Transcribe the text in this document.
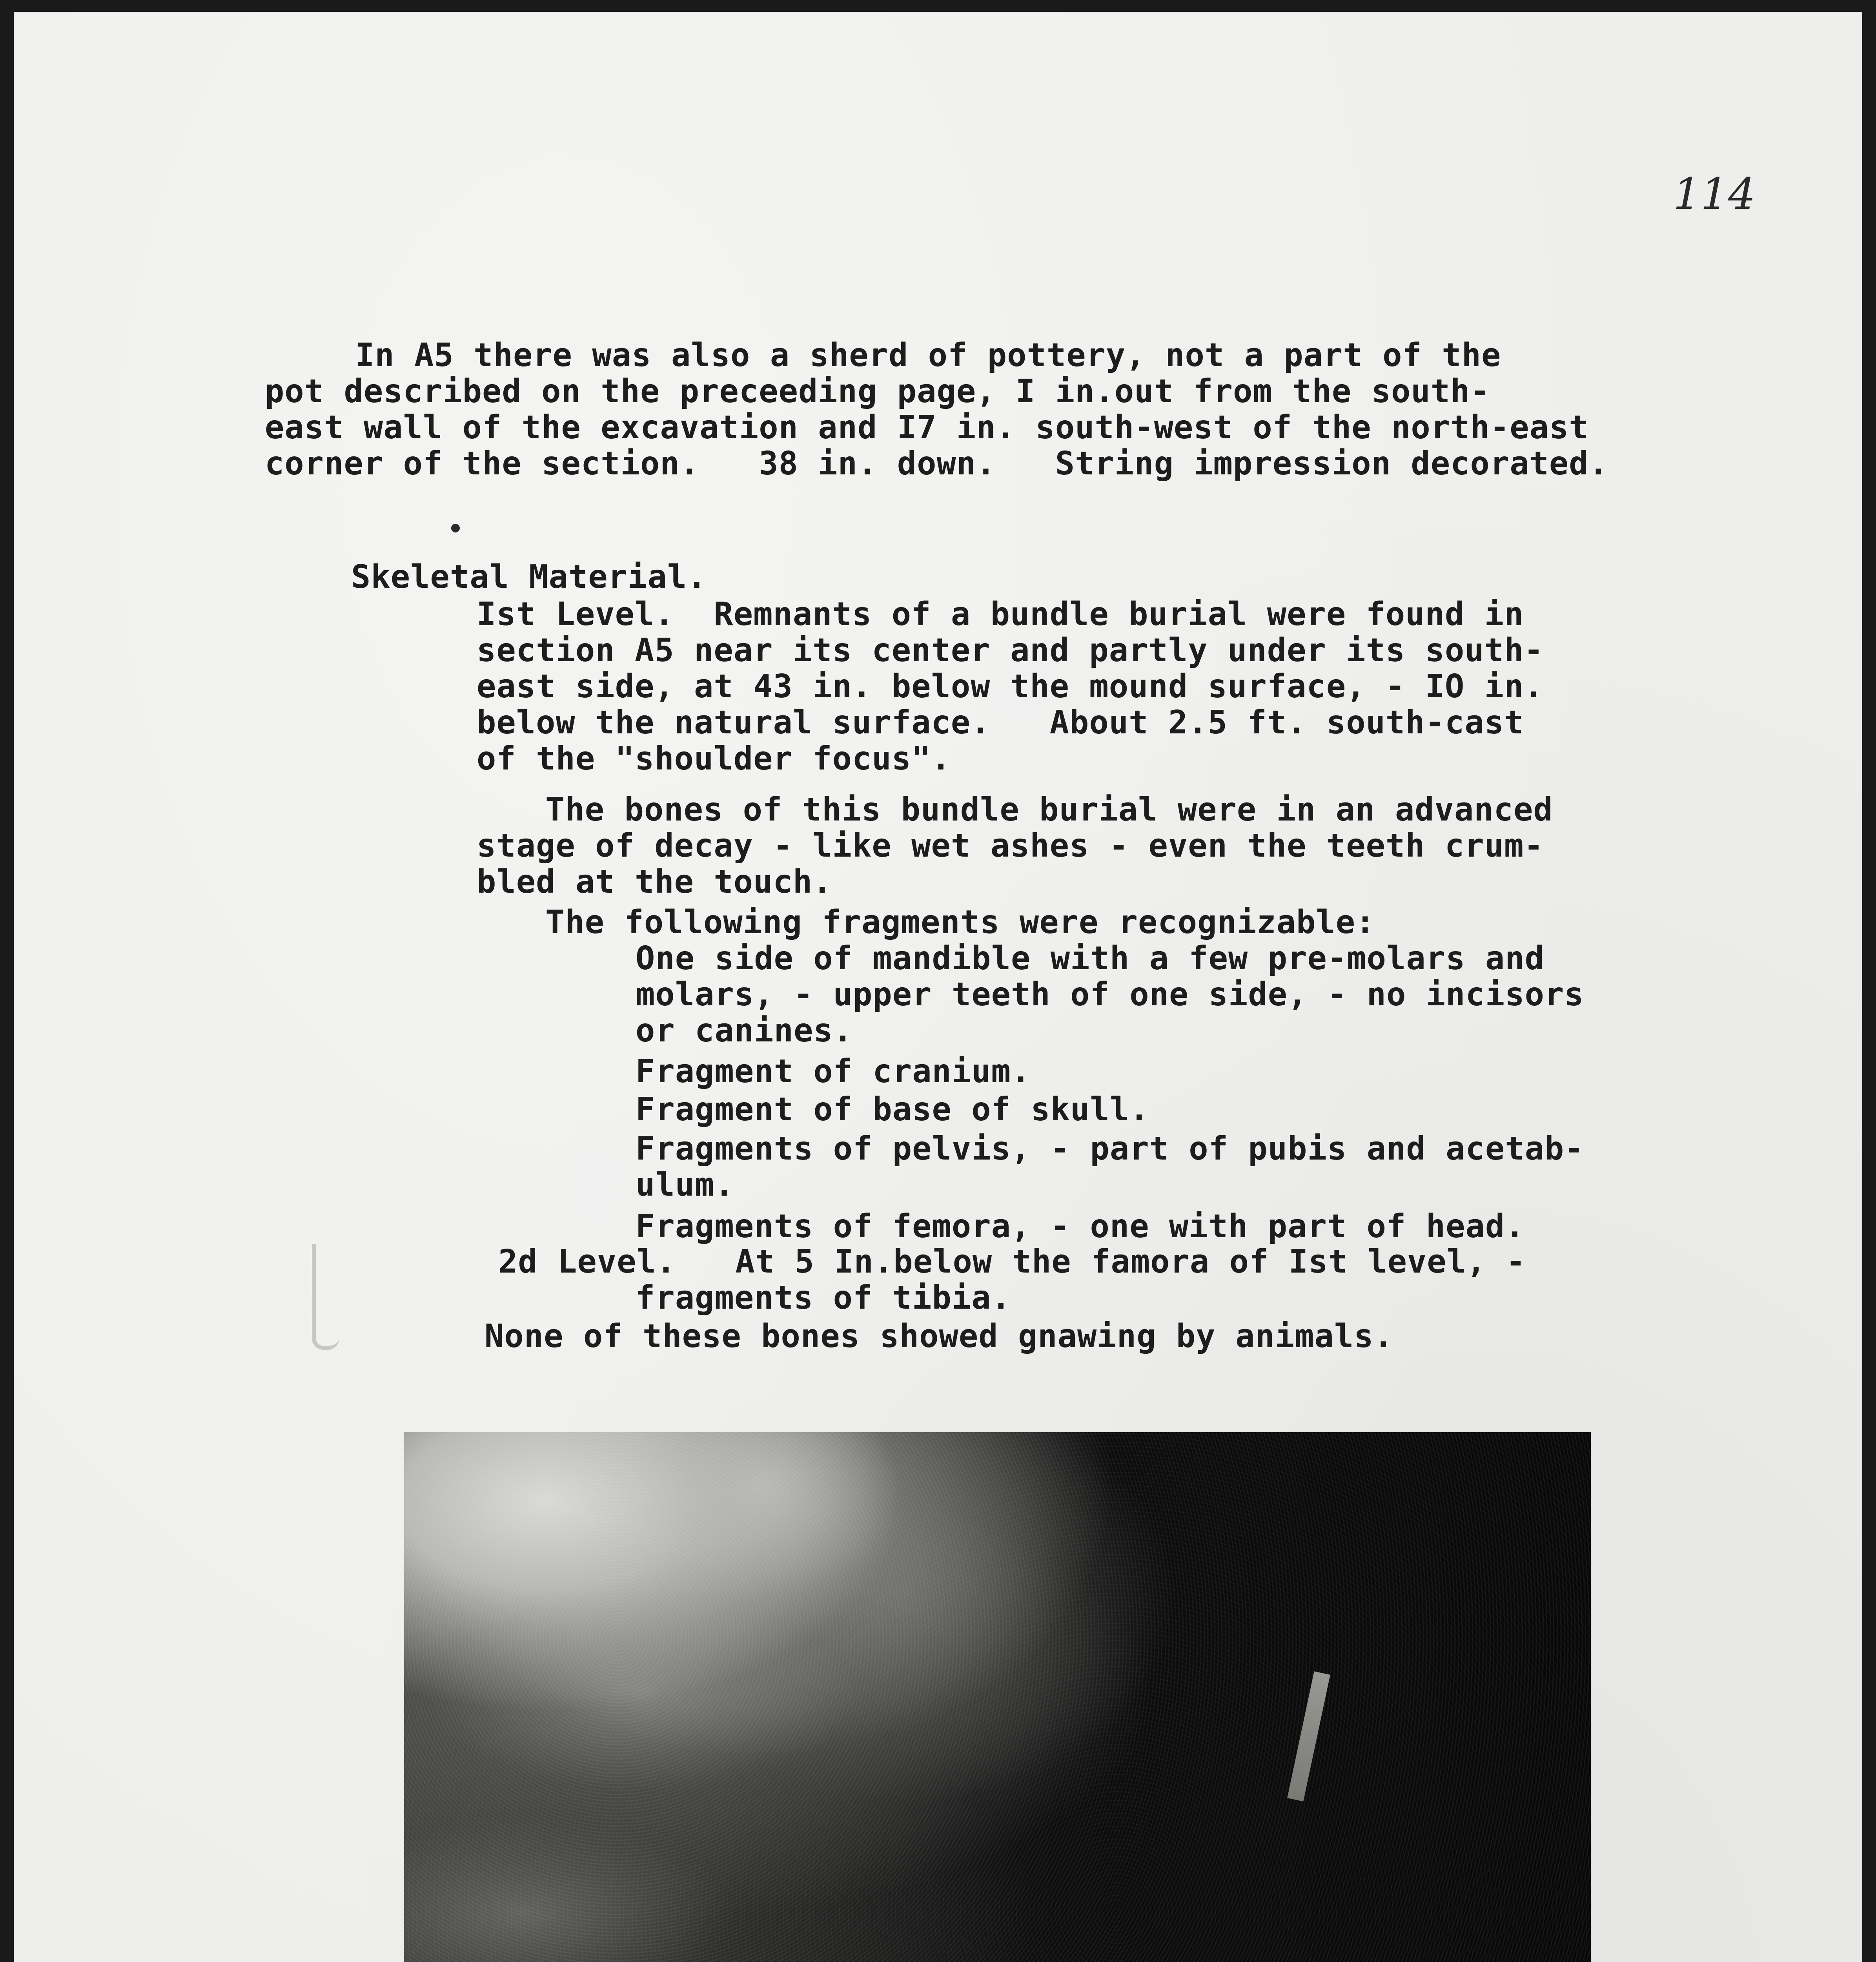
114

In A5 there was also a sherd of pottery, not a part of the

pot described on the preceeding page, I in.out from the south-

east wall of the excavation and I7 in. south-west of the north-east

corner of the section.   38 in. down.   String impression decorated.

Skeletal Material.

Ist Level.  Remnants of a bundle burial were found in

section A5 near its center and partly under its south-

east side, at 43 in. below the mound surface, - IO in.

below the natural surface.   About 2.5 ft. south-cast

of the "shoulder focus".

The bones of this bundle burial were in an advanced

stage of decay - like wet ashes - even the teeth crum-

bled at the touch.

The following fragments were recognizable:

One side of mandible with a few pre-molars and

molars, - upper teeth of one side, - no incisors

or canines.

Fragment of cranium.

Fragment of base of skull.

Fragments of pelvis, - part of pubis and acetab-

ulum.

Fragments of femora, - one with part of head.

2d Level.   At 5 In.below the famora of Ist level, -

fragments of tibia.

None of these bones showed gnawing by animals.
